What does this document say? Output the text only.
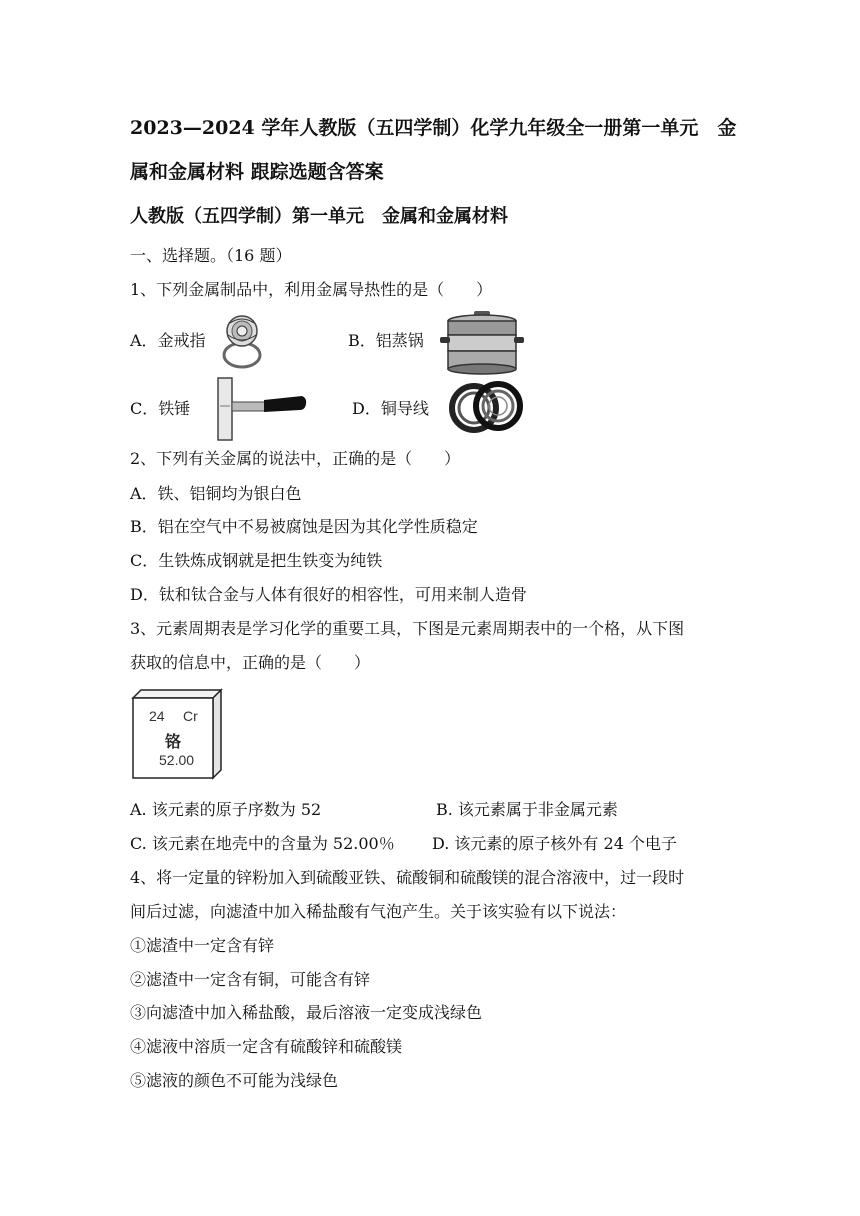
2023—2024 学年人教版（五四学制）化学九年级全一册第一单元　金
属和金属材料 跟踪选题含答案
人教版（五四学制）第一单元　金属和金属材料
一、选择题。（16 题）
1、下列金属制品中，利用金属导热性的是（　　）
A．金戒指	B．铝蒸锅
C．铁锤	D．铜导线
2、下列有关金属的说法中，正确的是（　　）
A．铁、铝铜均为银白色
B．铝在空气中不易被腐蚀是因为其化学性质稳定
C．生铁炼成钢就是把生铁变为纯铁
D．钛和钛合金与人体有很好的相容性，可用来制人造骨
3、元素周期表是学习化学的重要工具，下图是元素周期表中的一个格，从下图
获取的信息中，正确的是（　　）
24 Cr
铬
52.00
A. 该元素的原子序数为 52	B. 该元素属于非金属元素
C. 该元素在地壳中的含量为 52.00％ D. 该元素的原子核外有 24 个电子
4、将一定量的锌粉加入到硫酸亚铁、硫酸铜和硫酸镁的混合溶液中，过一段时
间后过滤，向滤渣中加入稀盐酸有气泡产生。关于该实验有以下说法：
①滤渣中一定含有锌
②滤渣中一定含有铜，可能含有锌
③向滤渣中加入稀盐酸，最后溶液一定变成浅绿色
④滤液中溶质一定含有硫酸锌和硫酸镁
⑤滤液的颜色不可能为浅绿色
